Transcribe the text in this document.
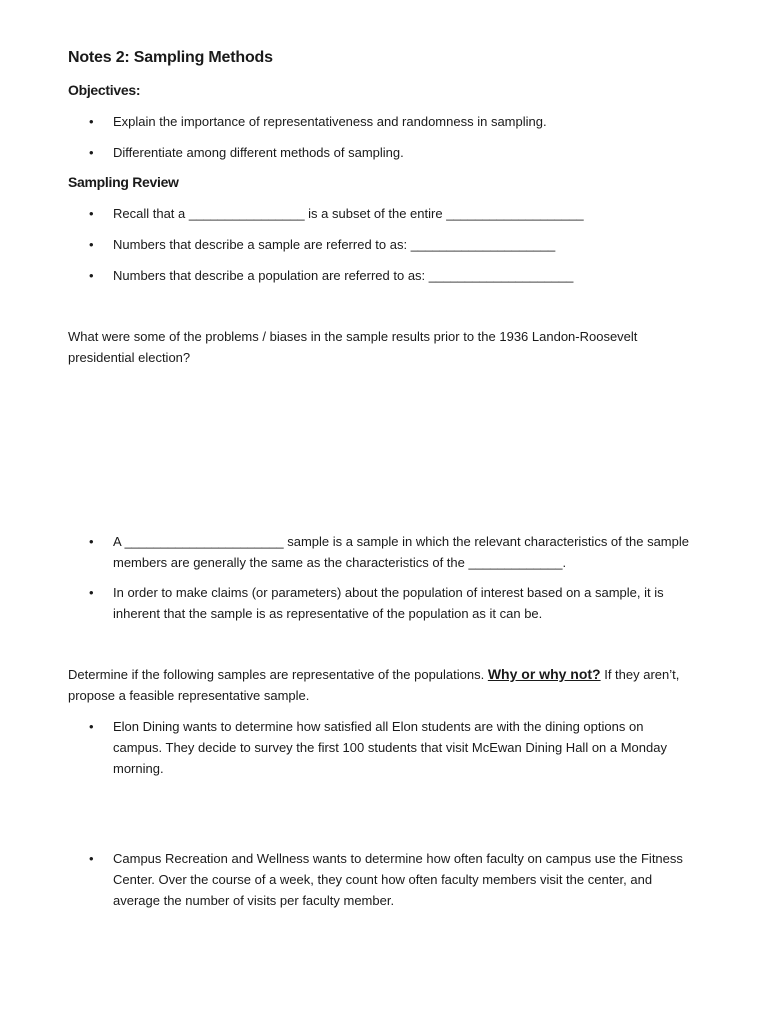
Notes 2: Sampling Methods
Objectives:
•	Explain the importance of representativeness and randomness in sampling.
•	Differentiate among different methods of sampling.
Sampling Review
•	Recall that a ________________ is a subset of the entire ___________________
•	Numbers that describe a sample are referred to as: ____________________
•	Numbers that describe a population are referred to as: ____________________
What were some of the problems / biases in the sample results prior to the 1936 Landon-Roosevelt
presidential election?
•	A ______________________ sample is a sample in which the relevant characteristics of the sample
members are generally the same as the characteristics of the _____________.
•	In order to make claims (or parameters) about the population of interest based on a sample, it is
inherent that the sample is as representative of the population as it can be.
Determine if the following samples are representative of the populations. Why or why not? If they aren’t,
propose a feasible representative sample.
•	Elon Dining wants to determine how satisfied all Elon students are with the dining options on
campus. They decide to survey the first 100 students that visit McEwan Dining Hall on a Monday
morning.
•	Campus Recreation and Wellness wants to determine how often faculty on campus use the Fitness
Center. Over the course of a week, they count how often faculty members visit the center, and
average the number of visits per faculty member.
